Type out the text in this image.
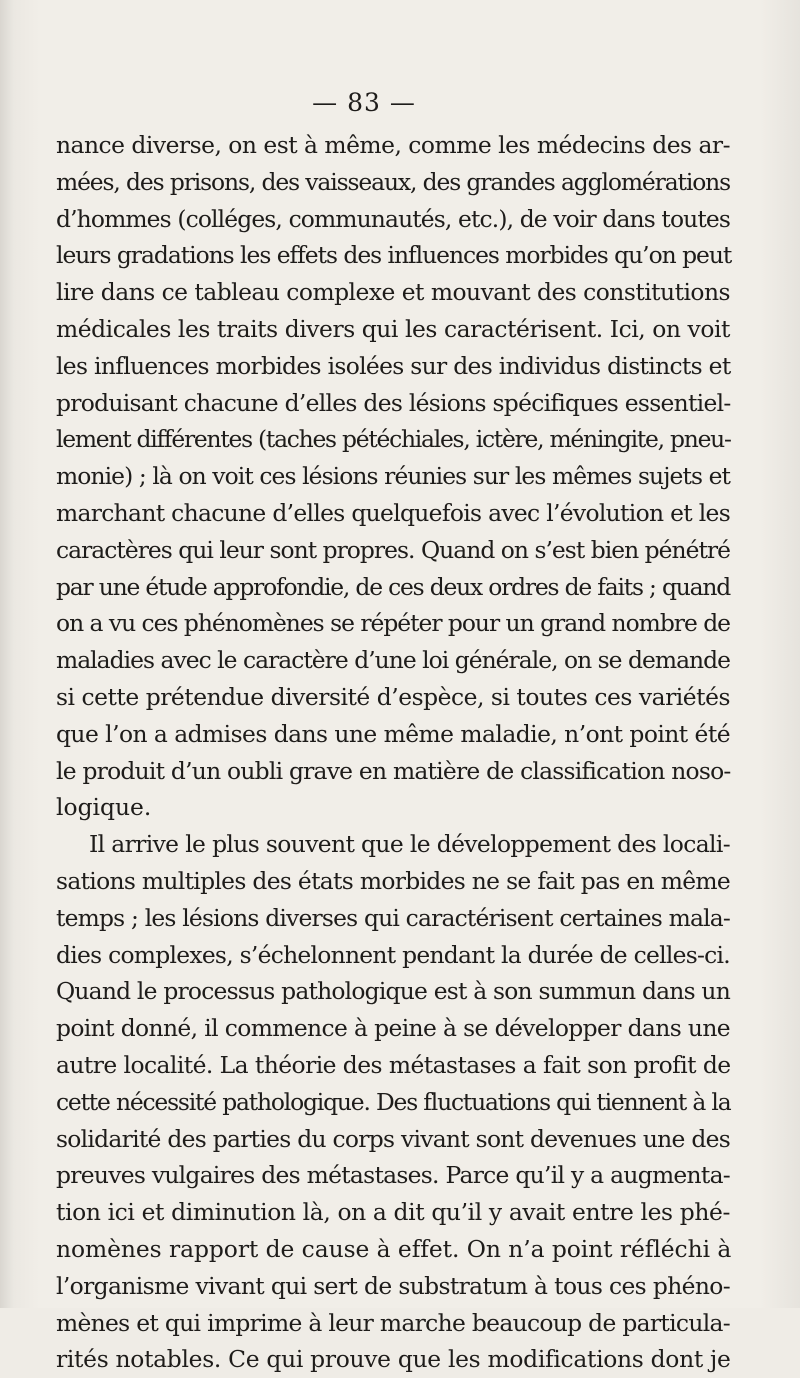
— 83 —
nance diverse, on est à même, comme les médecins des ar-
mées, des prisons, des vaisseaux, des grandes agglomérations
d’hommes (colléges, communautés, etc.), de voir dans toutes
leurs gradations les effets des influences morbides qu’on peut
lire dans ce tableau complexe et mouvant des constitutions
médicales les traits divers qui les caractérisent. Ici, on voit
les influences morbides isolées sur des individus distincts et
produisant chacune d’elles des lésions spécifiques essentiel-
lement différentes (taches pétéchiales, ictère, méningite, pneu-
monie) ; là on voit ces lésions réunies sur les mêmes sujets et
marchant chacune d’elles quelquefois avec l’évolution et les
caractères qui leur sont propres. Quand on s’est bien pénétré
par une étude approfondie, de ces deux ordres de faits ; quand
on a vu ces phénomènes se répéter pour un grand nombre de
maladies avec le caractère d’une loi générale, on se demande
si cette prétendue diversité d’espèce, si toutes ces variétés
que l’on a admises dans une même maladie, n’ont point été
le produit d’un oubli grave en matière de classification noso-
logique.
Il arrive le plus souvent que le développement des locali-
sations multiples des états morbides ne se fait pas en même
temps ; les lésions diverses qui caractérisent certaines mala-
dies complexes, s’échelonnent pendant la durée de celles-ci.
Quand le processus pathologique est à son summun dans un
point donné, il commence à peine à se développer dans une
autre localité. La théorie des métastases a fait son profit de
cette nécessité pathologique. Des fluctuations qui tiennent à la
solidarité des parties du corps vivant sont devenues une des
preuves vulgaires des métastases. Parce qu’il y a augmenta-
tion ici et diminution là, on a dit qu’il y avait entre les phé-
nomènes rapport de cause à effet. On n’a point réfléchi à
l’organisme vivant qui sert de substratum à tous ces phéno-
mènes et qui imprime à leur marche beaucoup de particula-
rités notables. Ce qui prouve que les modifications dont je
